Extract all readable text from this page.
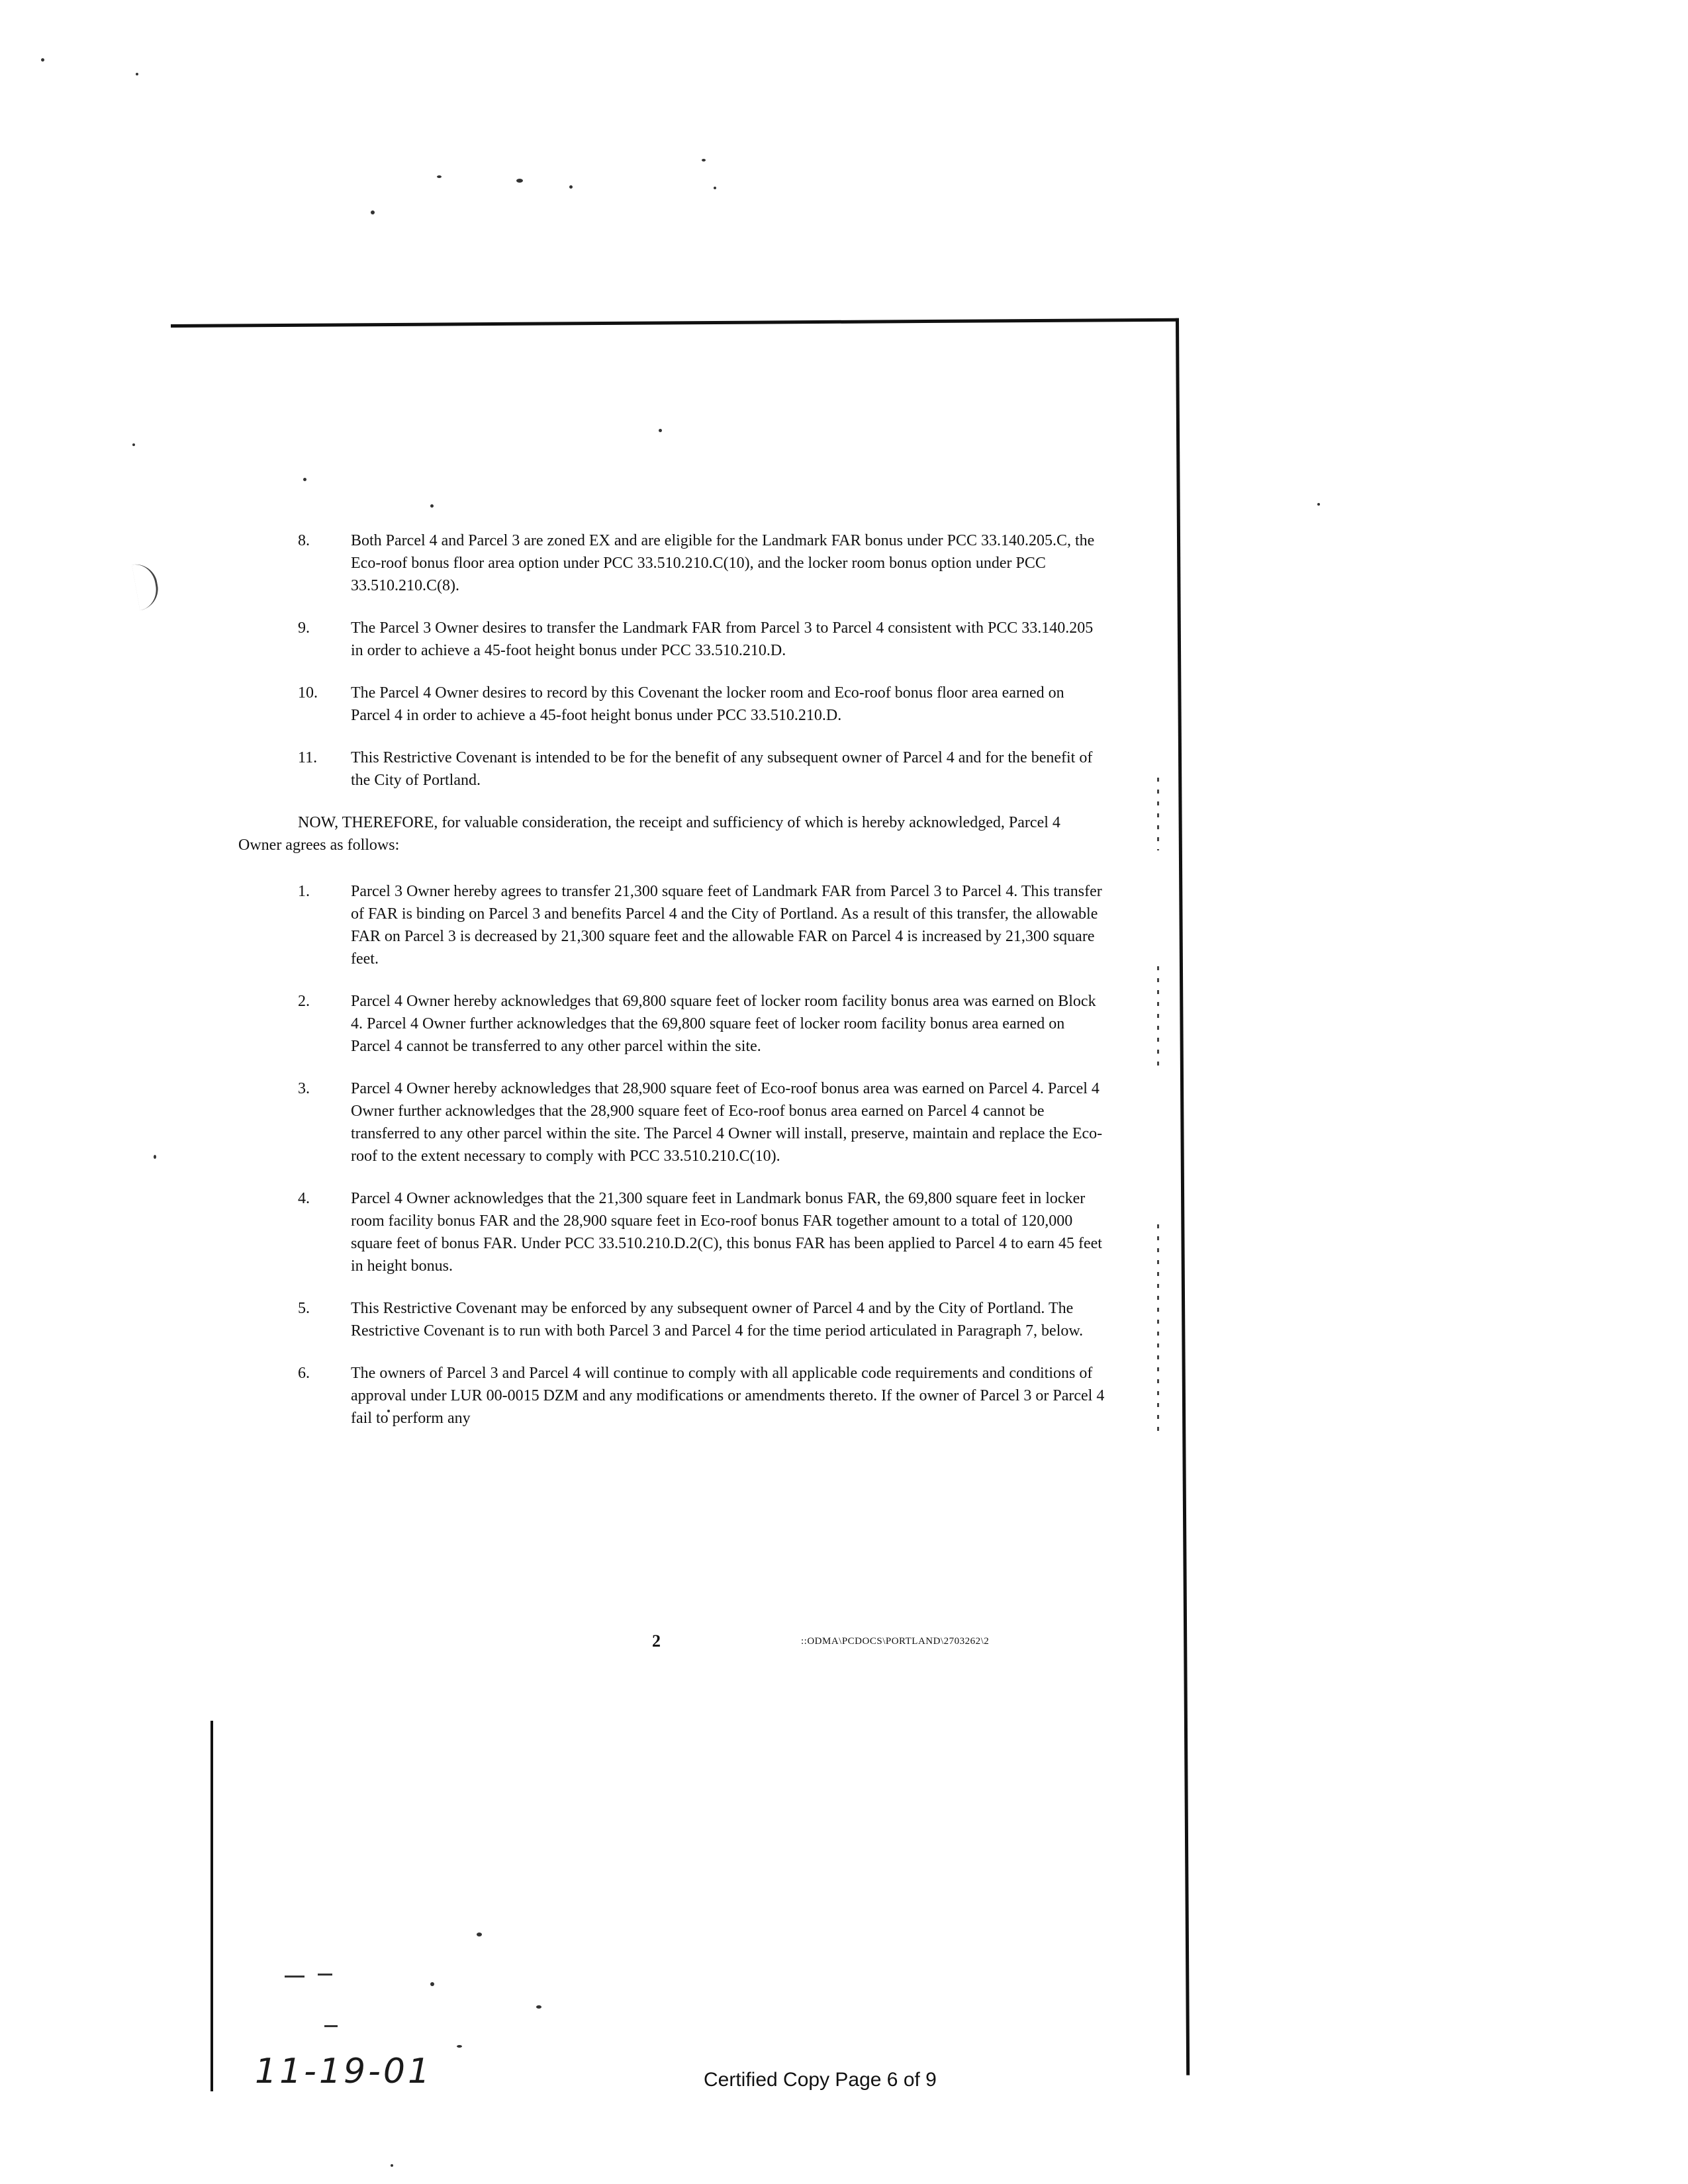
8.	Both Parcel 4 and Parcel 3 are zoned EX and are eligible for the Landmark FAR bonus under PCC 33.140.205.C, the Eco-roof bonus floor area option under PCC 33.510.210.C(10), and the locker room bonus option under PCC 33.510.210.C(8).
9.	The Parcel 3 Owner desires to transfer the Landmark FAR from Parcel 3 to Parcel 4 consistent with PCC 33.140.205 in order to achieve a 45-foot height bonus under PCC 33.510.210.D.
10.	The Parcel 4 Owner desires to record by this Covenant the locker room and Eco-roof bonus floor area earned on Parcel 4 in order to achieve a 45-foot height bonus under PCC 33.510.210.D.
11.	This Restrictive Covenant is intended to be for the benefit of any subsequent owner of Parcel 4 and for the benefit of the City of Portland.
NOW, THEREFORE, for valuable consideration, the receipt and sufficiency of which is hereby acknowledged, Parcel 4 Owner agrees as follows:
1.	Parcel 3 Owner hereby agrees to transfer 21,300 square feet of Landmark FAR from Parcel 3 to Parcel 4. This transfer of FAR is binding on Parcel 3 and benefits Parcel 4 and the City of Portland. As a result of this transfer, the allowable FAR on Parcel 3 is decreased by 21,300 square feet and the allowable FAR on Parcel 4 is increased by 21,300 square feet.
2.	Parcel 4 Owner hereby acknowledges that 69,800 square feet of locker room facility bonus area was earned on Block 4. Parcel 4 Owner further acknowledges that the 69,800 square feet of locker room facility bonus area earned on Parcel 4 cannot be transferred to any other parcel within the site.
3.	Parcel 4 Owner hereby acknowledges that 28,900 square feet of Eco-roof bonus area was earned on Parcel 4. Parcel 4 Owner further acknowledges that the 28,900 square feet of Eco-roof bonus area earned on Parcel 4 cannot be transferred to any other parcel within the site. The Parcel 4 Owner will install, preserve, maintain and replace the Eco-roof to the extent necessary to comply with PCC 33.510.210.C(10).
4.	Parcel 4 Owner acknowledges that the 21,300 square feet in Landmark bonus FAR, the 69,800 square feet in locker room facility bonus FAR and the 28,900 square feet in Eco-roof bonus FAR together amount to a total of 120,000 square feet of bonus FAR. Under PCC 33.510.210.D.2(C), this bonus FAR has been applied to Parcel 4 to earn 45 feet in height bonus.
5.	This Restrictive Covenant may be enforced by any subsequent owner of Parcel 4 and by the City of Portland. The Restrictive Covenant is to run with both Parcel 3 and Parcel 4 for the time period articulated in Paragraph 7, below.
6.	The owners of Parcel 3 and Parcel 4 will continue to comply with all applicable code requirements and conditions of approval under LUR 00-0015 DZM and any modifications or amendments thereto. If the owner of Parcel 3 or Parcel 4 fail to perform any
2	::ODMA\PCDOCS\PORTLAND\2703262\2
11-19-01	Certified Copy Page 6 of 9
